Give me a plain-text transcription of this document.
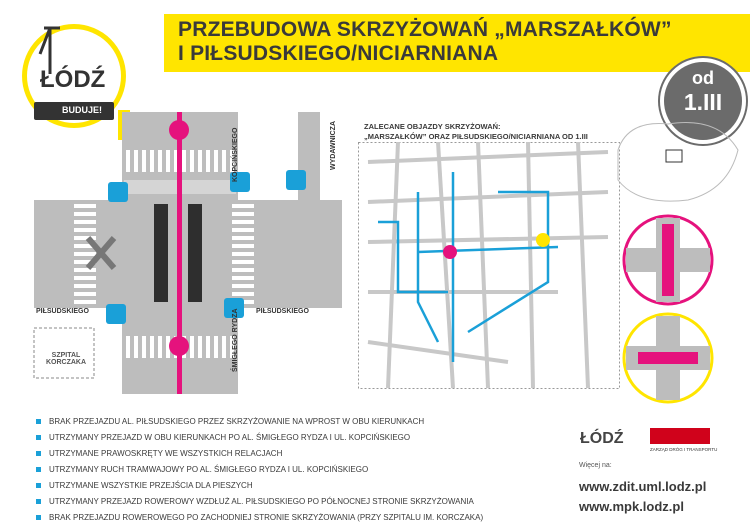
ŁÓDŹ
BUDUJE!
PRZEBUDOWA SKRZYŻOWAŃ „MARSZAŁKÓW”
I PIŁSUDSKIEGO/NICIARNIANA
od
1.III
KOPCIŃSKIEGO	WYDAWNICZA
PIŁSUDSKIEGO	PIŁSUDSKIEGO
ŚMIGŁEGO RYDZA
SZPITAL
KORCZAKA
ZALECANE OBJAZDY SKRZYŻOWAŃ:
„MARSZAŁKÓW” ORAZ PIŁSUDSKIEGO/NICIARNIANA OD 1.III
BRAK PRZEJAZDU AL. PIŁSUDSKIEGO PRZEZ SKRZYŻOWANIE NA WPROST W OBU KIERUNKACH
UTRZYMANY PRZEJAZD W OBU KIERUNKACH PO AL. ŚMIGŁEGO RYDZA I UL. KOPCIŃSKIEGO
UTRZYMANE PRAWOSKRĘTY WE WSZYSTKICH RELACJACH
UTRZYMANY RUCH TRAMWAJOWY PO AL. ŚMIGŁEGO RYDZA I UL. KOPCIŃSKIEGO
UTRZYMANE WSZYSTKIE PRZEJŚCIA DLA PIESZYCH
UTRZYMANY PRZEJAZD ROWEROWY WZDŁUŻ AL. PIŁSUDSKIEGO PO PÓŁNOCNEJ STRONIE SKRZYŻOWANIA
BRAK PRZEJAZDU ROWEROWEGO PO ZACHODNIEJ STRONIE SKRZYŻOWANIA (PRZY SZPITALU IM. KORCZAKA)
ŁÓDŹ
ZARZĄD DRÓG I TRANSPORTU
Więcej na:
www.zdit.uml.lodz.pl
www.mpk.lodz.pl
